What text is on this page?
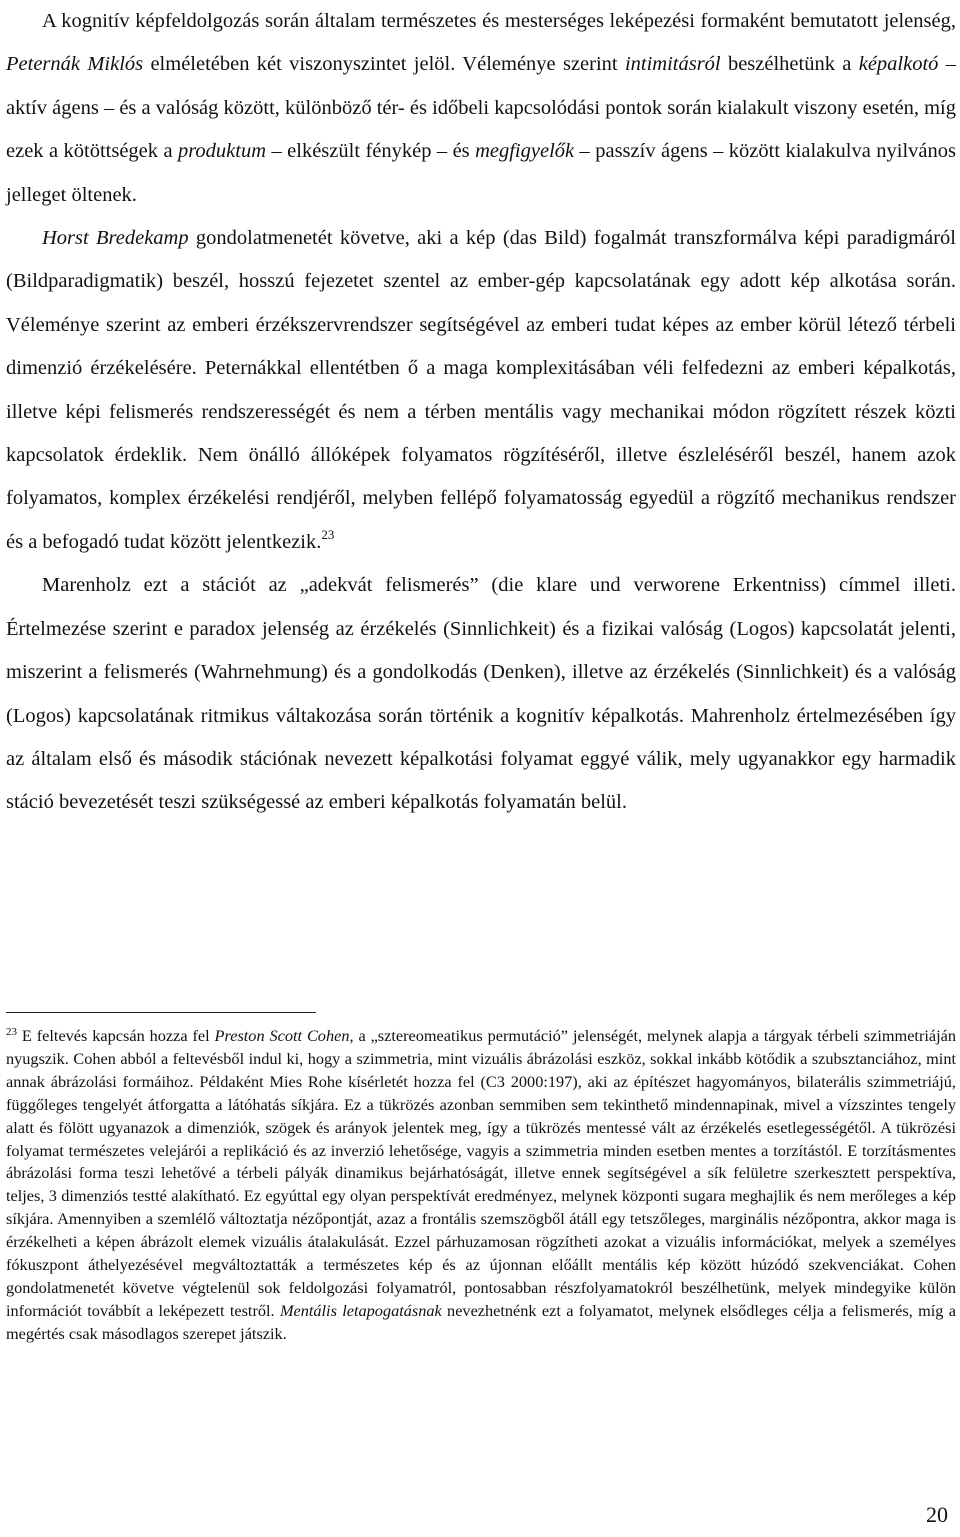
A kognitív képfeldolgozás során általam természetes és mesterséges leképezési formaként bemutatott jelenség, Peternák Miklós elméletében két viszonyszintet jelöl. Véleménye szerint intimitásról beszélhetünk a képalkotó – aktív ágens – és a valóság között, különböző tér- és időbeli kapcsolódási pontok során kialakult viszony esetén, míg ezek a kötöttségek a produktum – elkészült fénykép – és megfigyelők – passzív ágens – között kialakulva nyilvános jelleget öltenek.

Horst Bredekamp gondolatmenetét követve, aki a kép (das Bild) fogalmát transzformálva képi paradigmáról (Bildparadigmatik) beszél, hosszú fejezetet szentel az ember-gép kapcsolatának egy adott kép alkotása során. Véleménye szerint az emberi érzékszervrendszer segítségével az emberi tudat képes az ember körül létező térbeli dimenzió érzékelésére. Peternákkal ellentétben ő a maga komplexitásában véli felfedezni az emberi képalkotás, illetve képi felismerés rendszerességét és nem a térben mentális vagy mechanikai módon rögzített részek közti kapcsolatok érdeklik. Nem önálló állóképek folyamatos rögzítéséről, illetve észleléséről beszél, hanem azok folyamatos, komplex érzékelési rendjéről, melyben fellépő folyamatosság egyedül a rögzítő mechanikus rendszer és a befogadó tudat között jelentkezik.$^{23}$

Marenholz ezt a stációt az „adekvát felismerés” (die klare und verworene Erkentniss) címmel illeti. Értelmezése szerint e paradox jelenség az érzékelés (Sinnlichkeit) és a fizikai valóság (Logos) kapcsolatát jelenti, miszerint a felismerés (Wahrnehmung) és a gondolkodás (Denken), illetve az érzékelés (Sinnlichkeit) és a valóság (Logos) kapcsolatának ritmikus váltakozása során történik a kognitív képalkotás. Mahrenholz értelmezésében így az általam első és második stációnak nevezett képalkotási folyamat eggyé válik, mely ugyanakkor egy harmadik stáció bevezetését teszi szükségessé az emberi képalkotás folyamatán belül.

$^{23}$ E feltevés kapcsán hozza fel Preston Scott Cohen, a „sztereomeatikus permutáció” jelenségét, melynek alapja a tárgyak térbeli szimmetriáján nyugszik. Cohen abból a feltevésből indul ki, hogy a szimmetria, mint vizuális ábrázolási eszköz, sokkal inkább kötődik a szubsztanciához, mint annak ábrázolási formáihoz. Példaként Mies Rohe kísérletét hozza fel (C3 2000:197), aki az építészet hagyományos, bilaterális szimmetriájú, függőleges tengelyét átforgatta a látóhatás síkjára. Ez a tükrözés azonban semmiben sem tekinthető mindennapinak, mivel a vízszintes tengely alatt és fölött ugyanazok a dimenziók, szögek és arányok jelentek meg, így a tükrözés mentessé vált az érzékelés esetlegességétől. A tükrözési folyamat természetes velejárói a replikáció és az inverzió lehetősége, vagyis a szimmetria minden esetben mentes a torzítástól. E torzításmentes ábrázolási forma teszi lehetővé a térbeli pályák dinamikus bejárhatóságát, illetve ennek segítségével a sík felületre szerkesztett perspektíva, teljes, 3 dimenziós testté alakítható. Ez egyúttal egy olyan perspektívát eredményez, melynek központi sugara meghajlik és nem merőleges a kép síkjára. Amennyiben a szemlélő változtatja nézőpontját, azaz a frontális szemszögből átáll egy tetszőleges, marginális nézőpontra, akkor maga is érzékelheti a képen ábrázolt elemek vizuális átalakulását. Ezzel párhuzamosan rögzítheti azokat a vizuális információkat, melyek a személyes fókuszpont áthelyezésével megváltoztatták a természetes kép és az újonnan előállt mentális kép között húzódó szekvenciákat. Cohen gondolatmenetét követve végtelenül sok feldolgozási folyamatról, pontosabban részfolyamatokról beszélhetünk, melyek mindegyike külön információt továbbít a leképezett testről. Mentális letapogatásnak nevezhetnénk ezt a folyamatot, melynek elsődleges célja a felismerés, míg a megértés csak másodlagos szerepet játszik.
20
